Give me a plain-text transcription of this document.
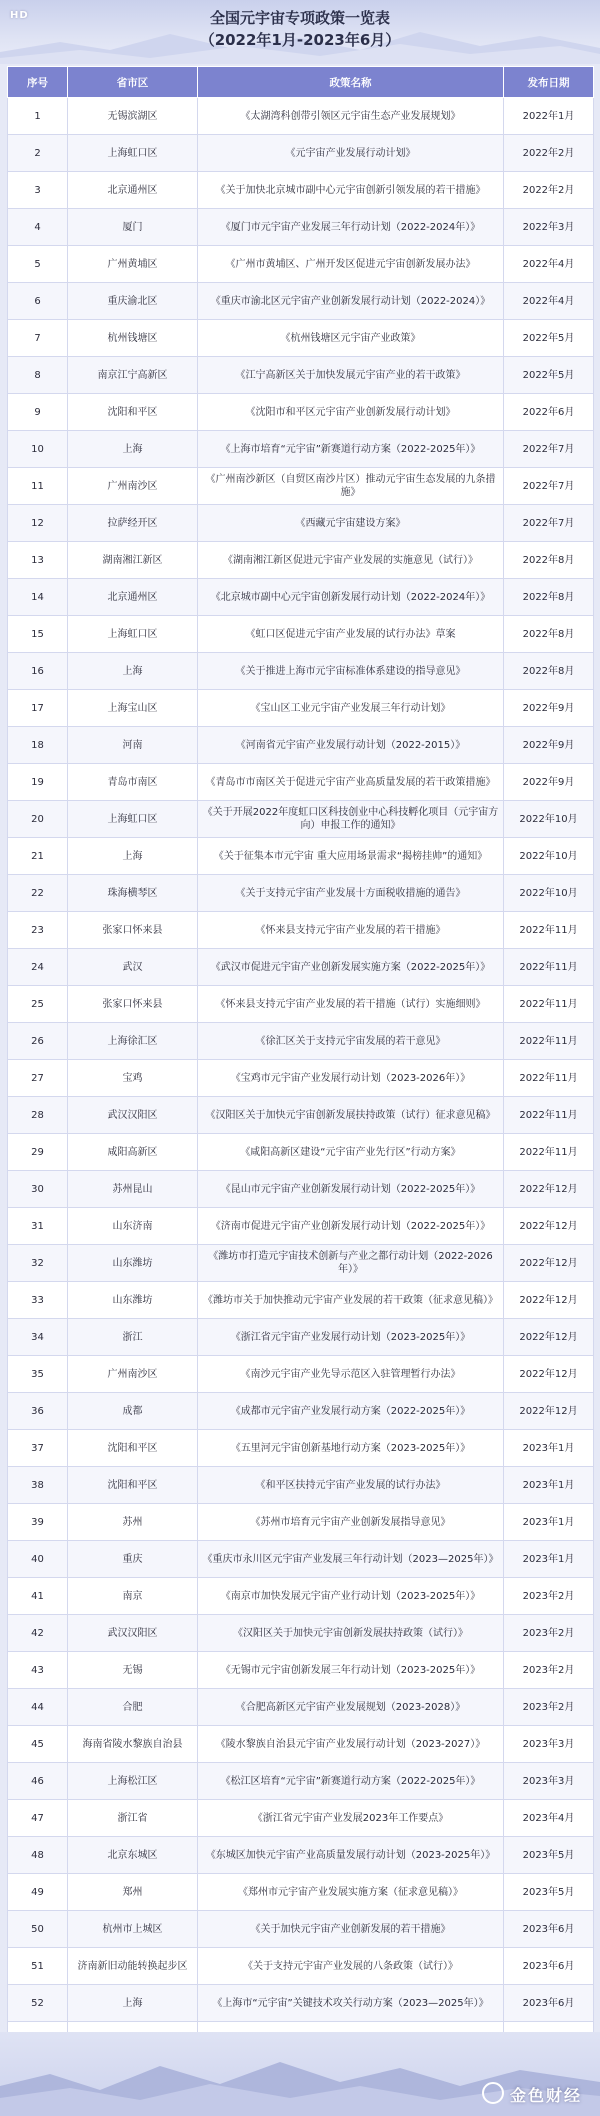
HD	全国元宇宙专项政策一览表
（2022年1月-2023年6月）
序号	省市区	政策名称	发布日期
1	无锡滨湖区	《太湖湾科创带引领区元宇宙生态产业发展规划》	2022年1月
2	上海虹口区	《元宇宙产业发展行动计划》	2022年2月
3	北京通州区	《关于加快北京城市副中心元宇宙创新引领发展的若干措施》	2022年2月
4	厦门	《厦门市元宇宙产业发展三年行动计划（2022-2024年）》	2022年3月
5	广州黄埔区	《广州市黄埔区、广州开发区促进元宇宙创新发展办法》	2022年4月
6	重庆渝北区	《重庆市渝北区元宇宙产业创新发展行动计划（2022-2024）》	2022年4月
7	杭州钱塘区	《杭州钱塘区元宇宙产业政策》	2022年5月
8	南京江宁高新区	《江宁高新区关于加快发展元宇宙产业的若干政策》	2022年5月
9	沈阳和平区	《沈阳市和平区元宇宙产业创新发展行动计划》	2022年6月
10	上海	《上海市培育“元宇宙”新赛道行动方案（2022-2025年）》	2022年7月
11	广州南沙区	《广州南沙新区（自贸区南沙片区）推动元宇宙生态发展的九条措施》	2022年7月
12	拉萨经开区	《西藏元宇宙建设方案》	2022年7月
13	湖南湘江新区	《湖南湘江新区促进元宇宙产业发展的实施意见（试行）》	2022年8月
14	北京通州区	《北京城市副中心元宇宙创新发展行动计划（2022-2024年）》	2022年8月
15	上海虹口区	《虹口区促进元宇宙产业发展的试行办法》草案	2022年8月
16	上海	《关于推进上海市元宇宙标准体系建设的指导意见》	2022年8月
17	上海宝山区	《宝山区工业元宇宙产业发展三年行动计划》	2022年9月
18	河南	《河南省元宇宙产业发展行动计划（2022-2015）》	2022年9月
19	青岛市南区	《青岛市市南区关于促进元宇宙产业高质量发展的若干政策措施》	2022年9月
20	上海虹口区	《关于开展2022年度虹口区科技创业中心科技孵化项目（元宇宙方向）申报工作的通知》	2022年10月
21	上海	《关于征集本市元宇宙 重大应用场景需求“揭榜挂帅”的通知》	2022年10月
22	珠海横琴区	《关于支持元宇宙产业发展十方面税收措施的通告》	2022年10月
23	张家口怀来县	《怀来县支持元宇宙产业发展的若干措施》	2022年11月
24	武汉	《武汉市促进元宇宙产业创新发展实施方案（2022-2025年）》	2022年11月
25	张家口怀来县	《怀来县支持元宇宙产业发展的若干措施（试行）实施细则》	2022年11月
26	上海徐汇区	《徐汇区关于支持元宇宙发展的若干意见》	2022年11月
27	宝鸡	《宝鸡市元宇宙产业发展行动计划（2023-2026年）》	2022年11月
28	武汉汉阳区	《汉阳区关于加快元宇宙创新发展扶持政策（试行）征求意见稿》	2022年11月
29	咸阳高新区	《咸阳高新区建设“元宇宙产业先行区”行动方案》	2022年11月
30	苏州昆山	《昆山市元宇宙产业创新发展行动计划（2022-2025年）》	2022年12月
31	山东济南	《济南市促进元宇宙产业创新发展行动计划（2022-2025年）》	2022年12月
32	山东潍坊	《潍坊市打造元宇宙技术创新与产业之都行动计划（2022-2026年）》	2022年12月
33	山东潍坊	《潍坊市关于加快推动元宇宙产业发展的若干政策（征求意见稿）》	2022年12月
34	浙江	《浙江省元宇宙产业发展行动计划（2023-2025年）》	2022年12月
35	广州南沙区	《南沙元宇宙产业先导示范区入驻管理暂行办法》	2022年12月
36	成都	《成都市元宇宙产业发展行动方案（2022-2025年）》	2022年12月
37	沈阳和平区	《五里河元宇宙创新基地行动方案（2023-2025年）》	2023年1月
38	沈阳和平区	《和平区扶持元宇宙产业发展的试行办法》	2023年1月
39	苏州	《苏州市培育元宇宙产业创新发展指导意见》	2023年1月
40	重庆	《重庆市永川区元宇宙产业发展三年行动计划（2023—2025年）》	2023年1月
41	南京	《南京市加快发展元宇宙产业行动计划（2023-2025年）》	2023年2月
42	武汉汉阳区	《汉阳区关于加快元宇宙创新发展扶持政策（试行）》	2023年2月
43	无锡	《无锡市元宇宙创新发展三年行动计划（2023-2025年）》	2023年2月
44	合肥	《合肥高新区元宇宙产业发展规划（2023-2028）》	2023年2月
45	海南省陵水黎族自治县	《陵水黎族自治县元宇宙产业发展行动计划（2023-2027）》	2023年3月
46	上海松江区	《松江区培育“元宇宙”新赛道行动方案（2022-2025年）》	2023年3月
47	浙江省	《浙江省元宇宙产业发展2023年工作要点》	2023年4月
48	北京东城区	《东城区加快元宇宙产业高质量发展行动计划（2023-2025年）》	2023年5月
49	郑州	《郑州市元宇宙产业发展实施方案（征求意见稿）》	2023年5月
50	杭州市上城区	《关于加快元宇宙产业创新发展的若干措施》	2023年6月
51	济南新旧动能转换起步区	《关于支持元宇宙产业发展的八条政策（试行）》	2023年6月
52	上海	《上海市“元宇宙”关键技术攻关行动方案（2023—2025年）》	2023年6月

金色财经
